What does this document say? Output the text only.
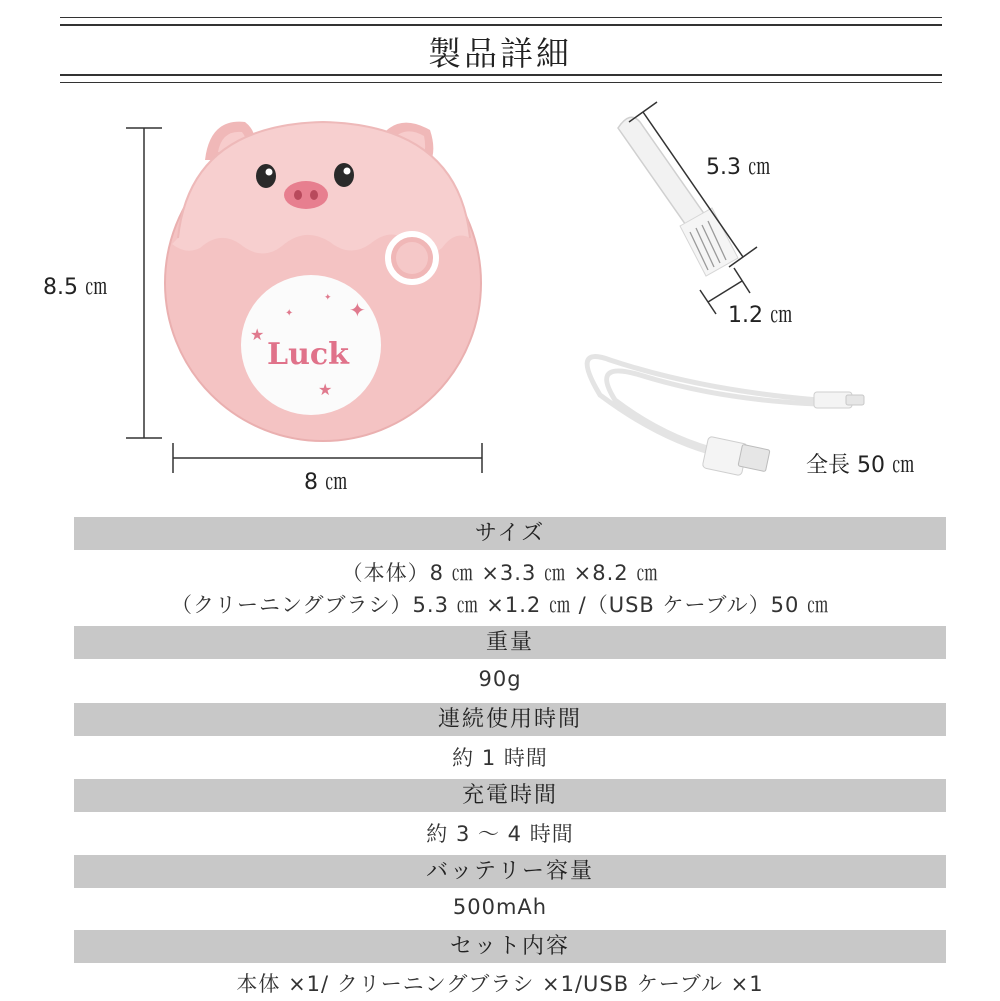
製品詳細
✦
★
★
✦
✦
Luck
8.5 ㎝
8 ㎝
5.3 ㎝
1.2 ㎝
全長 50 ㎝
サイズ
（本体）8 ㎝ ×3.3 ㎝ ×8.2 ㎝
（クリーニングブラシ）5.3 ㎝ ×1.2 ㎝ /（USB ケーブル）50 ㎝
重量
90g
連続使用時間
約 1 時間
充電時間
約 3 ～ 4 時間
バッテリー容量
500mAh
セット内容
本体 ×1/ クリーニングブラシ ×1/USB ケーブル ×1
